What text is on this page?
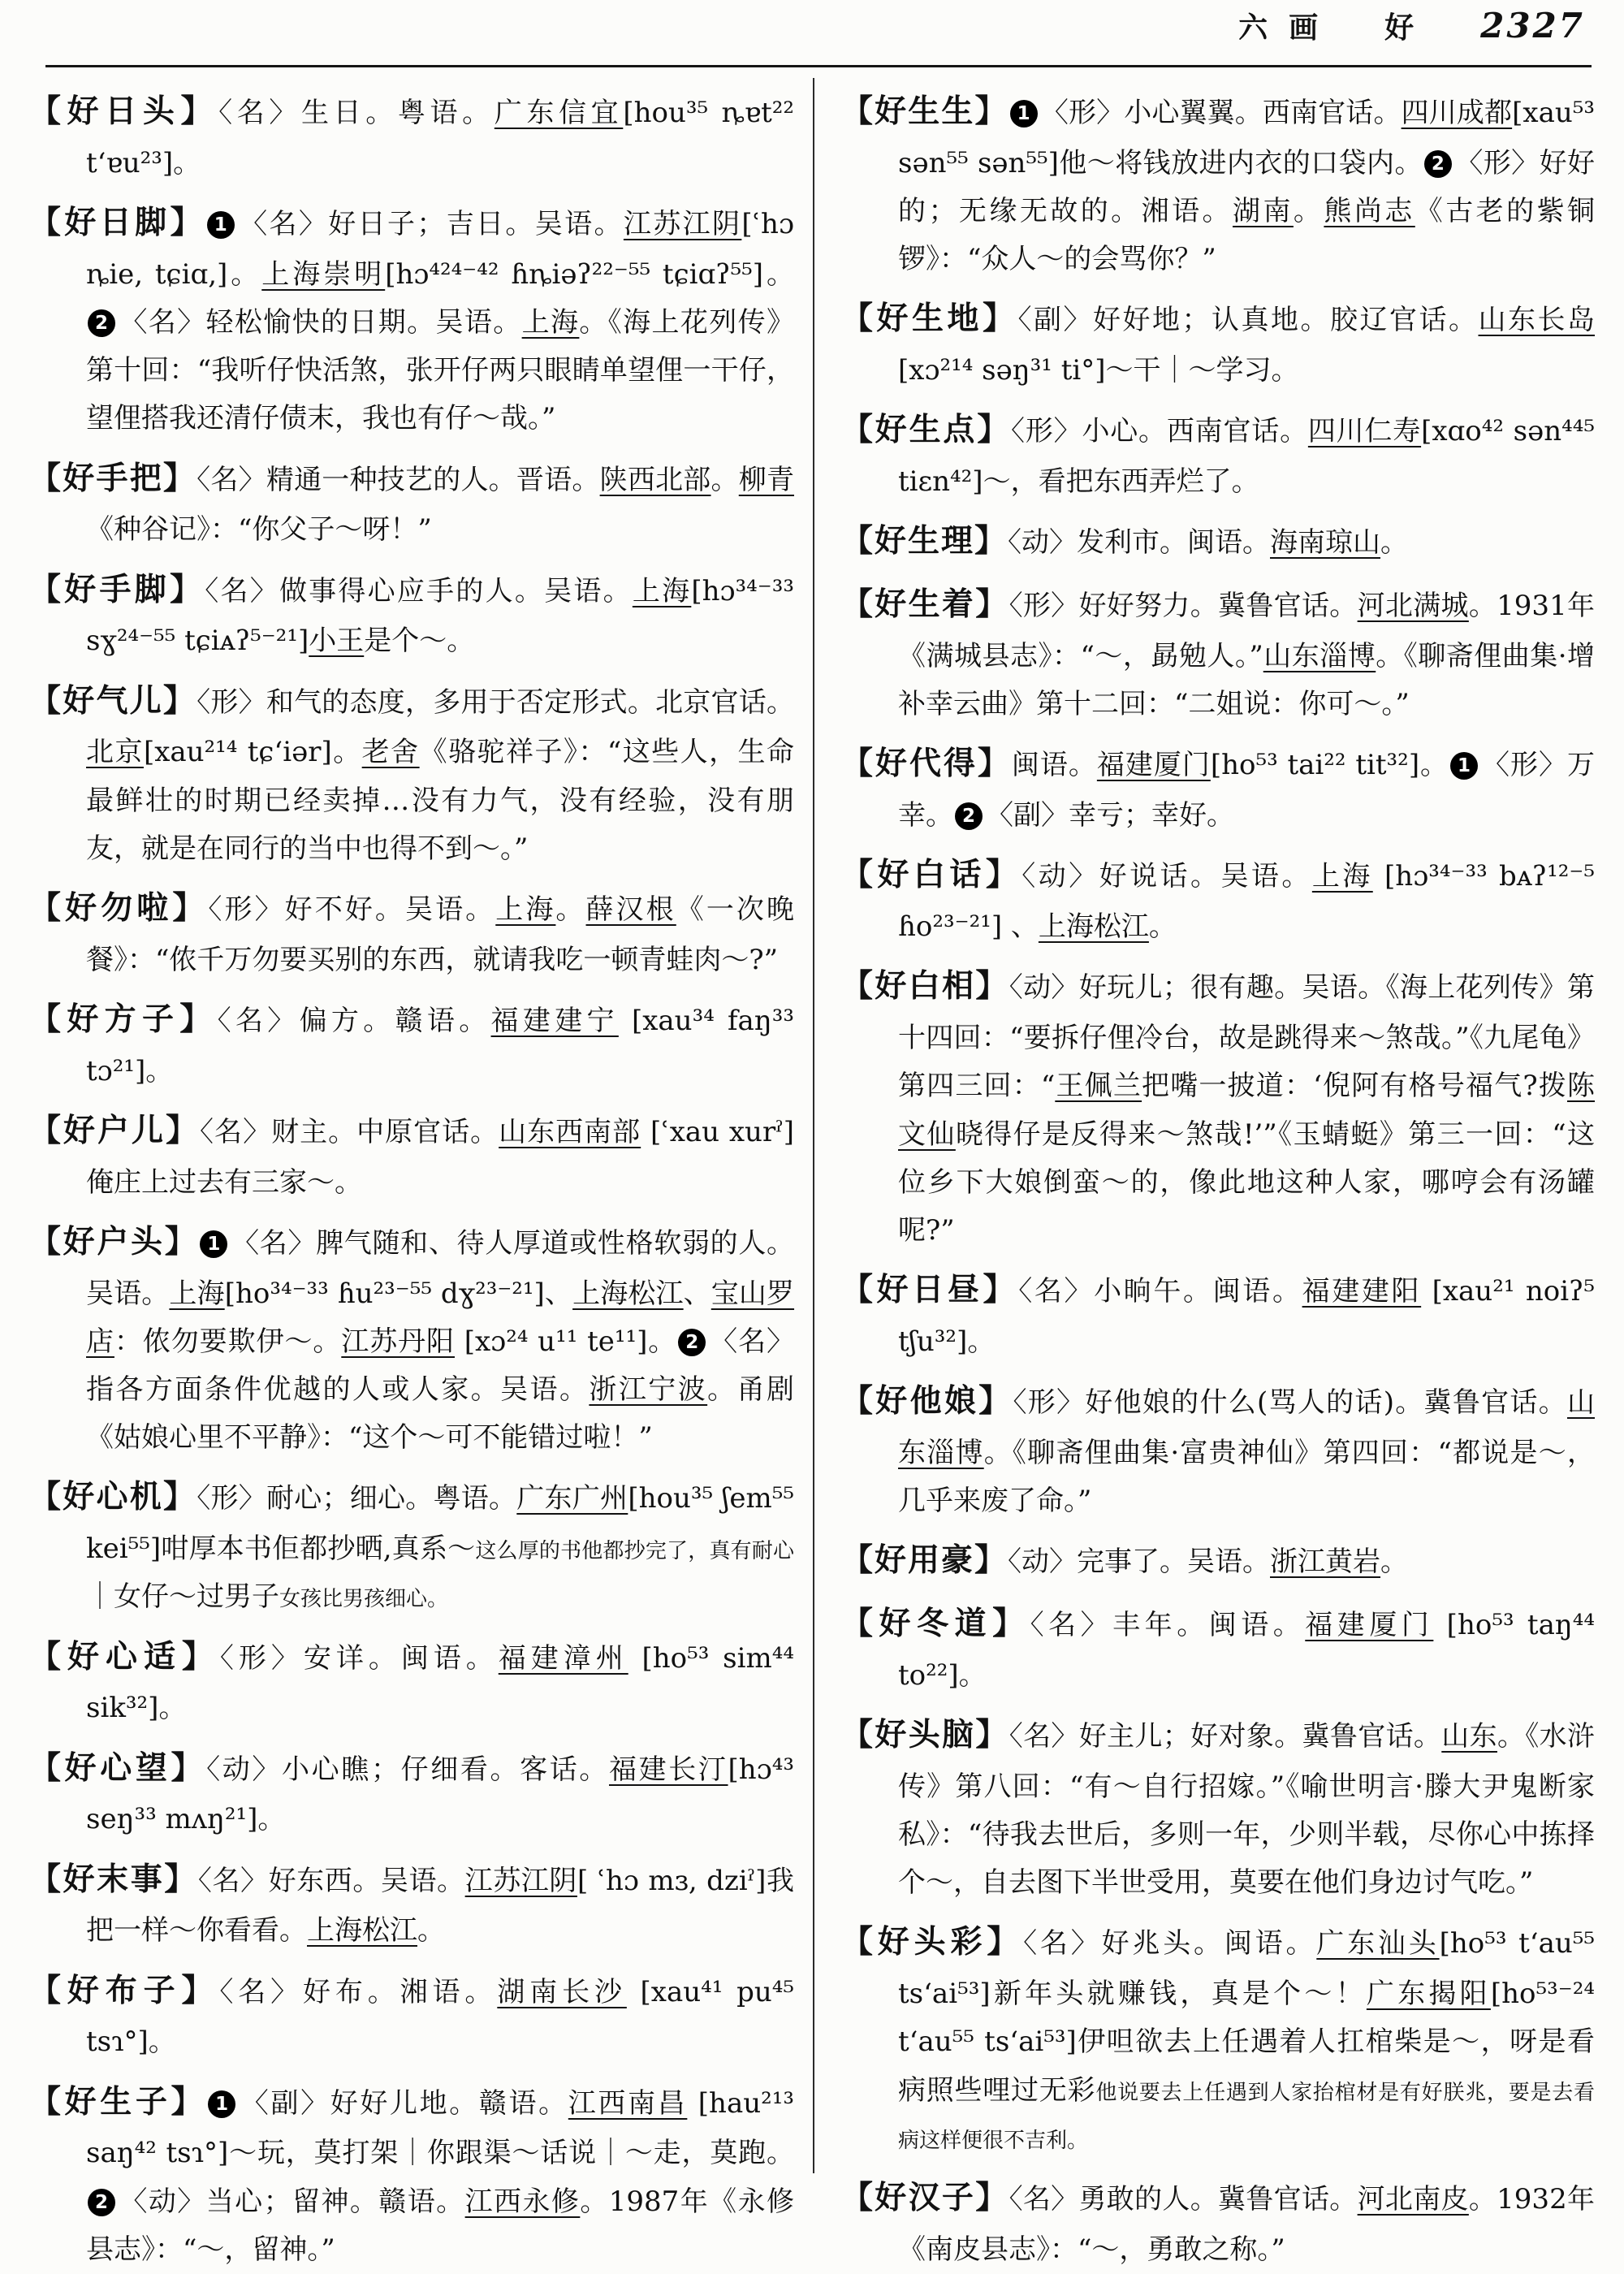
六画 好 2327

【好日头】〈名〉生日。粤语。广东信宜[hou³⁵ ȵɐt²² tʻɐu²³]。

【好日脚】 1 〈名〉好日子；吉日。吴语。江苏江阴[ʿhɔ ȵie, tɕiɑ,]。上海崇明[hɔ⁴²⁴⁻⁴² ɦȵiəʔ²²⁻⁵⁵ tɕiɑʔ⁵⁵]。2 〈名〉轻松愉快的日期。吴语。上海。《海上花列传》第十回：“我听仔快活煞，张开仔两只眼睛单望俚一干仔，望俚搭我还清仔债末，我也有仔～哉。”

【好手把】〈名〉精通一种技艺的人。晋语。陕西北部。柳青《种谷记》：“你父子～呀！”

【好手脚】〈名〉做事得心应手的人。吴语。上海[hɔ³⁴⁻³³ sɣ²⁴⁻⁵⁵ tɕiᴀʔ⁵⁻²¹]小王是个～。

【好气儿】〈形〉和气的态度，多用于否定形式。北京官话。北京[xau²¹⁴ tɕʻiər]。老舍《骆驼祥子》：“这些人，生命最鲜壮的时期已经卖掉…没有力气，没有经验，没有朋友，就是在同行的当中也得不到～。”

【好勿啦】〈形〉好不好。吴语。上海。薛汉根《一次晚餐》：“侬千万勿要买别的东西，就请我吃一顿青蛙肉～?”

【好方子】〈名〉偏方。赣语。福建建宁 [xau³⁴ faŋ³³ tɔ²¹]。

【好户儿】〈名〉财主。中原官话。山东西南部 [ʿxau xurˀ]俺庄上过去有三家～。

【好户头】 1 〈名〉脾气随和、待人厚道或性格软弱的人。吴语。上海[ho³⁴⁻³³ ɦu²³⁻⁵⁵ dɣ²³⁻²¹]、上海松江、宝山罗店：侬勿要欺伊～。江苏丹阳 [xɔ²⁴ u¹¹ te¹¹]。 2 〈名〉指各方面条件优越的人或人家。吴语。浙江宁波。甬剧《姑娘心里不平静》：“这个～可不能错过啦！”

【好心机】〈形〉耐心；细心。粤语。广东广州[hou³⁵ ʃem⁵⁵ kei⁵⁵]咁厚本书佢都抄晒,真系～这么厚的书他都抄完了，真有耐心｜女仔～过男子女孩比男孩细心。

【好心适】〈形〉安详。闽语。福建漳州 [ho⁵³ sim⁴⁴ sik³²]。

【好心望】〈动〉小心瞧；仔细看。客话。福建长汀[hɔ⁴³ seŋ³³ mʌŋ²¹]。

【好末事】〈名〉好东西。吴语。江苏江阴[ ʿhɔ mɜ, dziˀ]我把一样～你看看。上海松江。

【好布子】〈名〉好布。湘语。湖南长沙 [xau⁴¹ pu⁴⁵ tsɿ°]。

【好生子】 1 〈副〉好好儿地。赣语。江西南昌 [hau²¹³ saŋ⁴² tsɿ°]～玩，莫打架｜你跟渠～话说｜～走，莫跑。2 〈动〉当心；留神。赣语。江西永修。1987年《永修县志》：“～，留神。”

【好生生】 1 〈形〉小心翼翼。西南官话。四川成都[xau⁵³ sən⁵⁵ sən⁵⁵]他～将钱放进内衣的口袋内。 2 〈形〉好好的；无缘无故的。湘语。湖南。熊尚志《古老的紫铜锣》：“众人～的会骂你？”

【好生地】〈副〉好好地；认真地。胶辽官话。山东长岛 [xɔ²¹⁴ səŋ³¹ ti°]～干｜～学习。

【好生点】〈形〉小心。西南官话。四川仁寿[xɑo⁴² sən⁴⁴⁵ tiɛn⁴²]～，看把东西弄烂了。

【好生理】〈动〉发利市。闽语。海南琼山。

【好生着】〈形〉好好努力。冀鲁官话。河北满城。1931年《满城县志》：“～，勗勉人。”山东淄博。《聊斋俚曲集·增补幸云曲》第十二回：“二姐说：你可～。”

【好代得】闽语。福建厦门[ho⁵³ tai²² tit³²]。 1 〈形〉万幸。 2 〈副〉幸亏；幸好。

【好白话】〈动〉好说话。吴语。上海 [hɔ³⁴⁻³³ bᴀʔ¹²⁻⁵ ɦo²³⁻²¹] 、上海松江。

【好白相】〈动〉好玩儿；很有趣。吴语。《海上花列传》第十四回：“要拆仔俚冷台，故是跳得来～煞哉。”《九尾龟》第四三回：“王佩兰把嘴一披道：‘倪阿有格号福气?拨陈文仙晓得仔是反得来～煞哉!’”《玉蜻蜓》第三一回：“这位乡下大娘倒蛮～的，像此地这种人家，哪哼会有汤罐呢?”

【好日昼】〈名〉小晌午。闽语。福建建阳 [xau²¹ noiʔ⁵ tʃu³²]。

【好他娘】〈形〉好他娘的什么(骂人的话)。冀鲁官话。山东淄博。《聊斋俚曲集·富贵神仙》第四回：“都说是～，几乎来废了命。”

【好用豪】〈动〉完事了。吴语。浙江黄岩。

【好冬道】〈名〉丰年。闽语。福建厦门 [ho⁵³ taŋ⁴⁴ to²²]。

【好头脑】〈名〉好主儿；好对象。冀鲁官话。山东。《水浒传》第八回：“有～自行招嫁。”《喻世明言·滕大尹鬼断家私》：“待我去世后，多则一年，少则半载，尽你心中拣择个～，自去图下半世受用，莫要在他们身边讨气吃。”

【好头彩】〈名〉好兆头。闽语。广东汕头[ho⁵³ tʻau⁵⁵ tsʻai⁵³]新年头就赚钱，真是个～！广东揭阳[ho⁵³⁻²⁴ tʻau⁵⁵ tsʻai⁵³]伊呾欲去上任遇着人扛棺柴是～，呀是看病照些哩过无彩他说要去上任遇到人家抬棺材是有好朕兆，要是去看病这样便很不吉利。

【好汉子】〈名〉勇敢的人。冀鲁官话。河北南皮。1932年《南皮县志》：“～，勇敢之称。”
